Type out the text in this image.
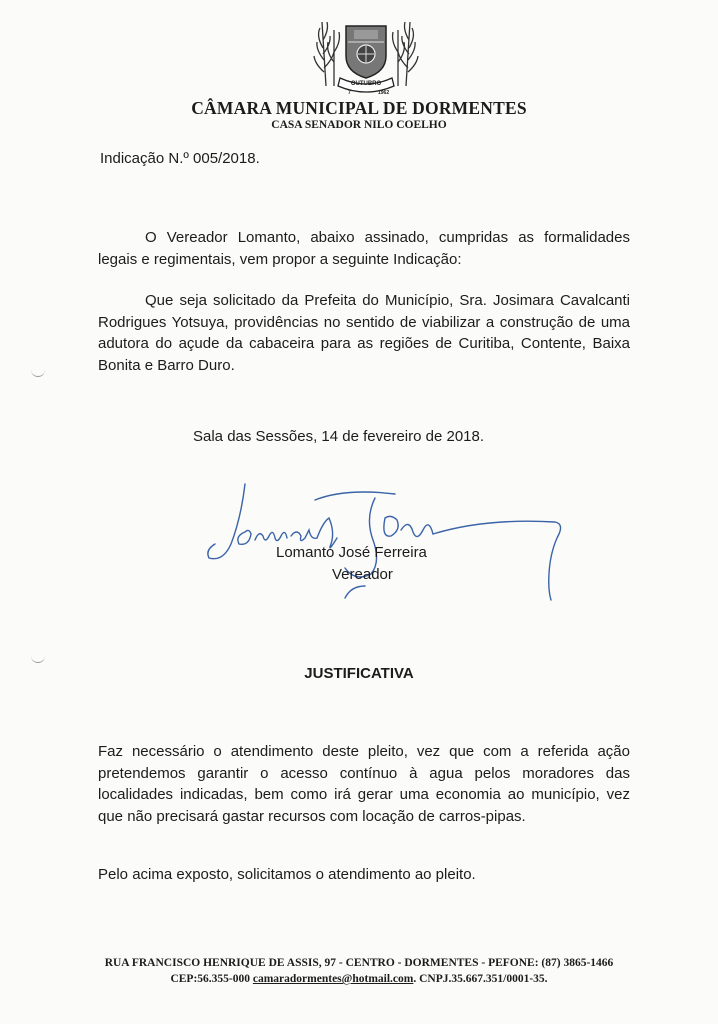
OUTUBRO
7	1962
CÂMARA MUNICIPAL DE DORMENTES
CASA SENADOR NILO COELHO
Indicação N.º 005/2018.
O Vereador Lomanto, abaixo assinado, cumpridas as formalidades legais e regimentais, vem propor a seguinte Indicação:
Que seja solicitado da Prefeita do Município, Sra. Josimara Cavalcanti Rodrigues Yotsuya, providências no sentido de viabilizar a construção de uma adutora do açude da cabaceira para as regiões de Curitiba, Contente, Baixa Bonita e Barro Duro.
Sala das Sessões, 14 de fevereiro de 2018.
Lomanto José Ferreira
Vereador
JUSTIFICATIVA
Faz necessário o atendimento deste pleito, vez que com a referida ação pretendemos garantir o acesso contínuo à agua pelos moradores das localidades indicadas, bem como irá gerar uma economia ao município, vez que não precisará gastar recursos com locação de carros-pipas.
Pelo acima exposto, solicitamos o atendimento ao pleito.
RUA FRANCISCO HENRIQUE DE ASSIS, 97 - CENTRO - DORMENTES - PEFONE: (87) 3865-1466
CEP:56.355-000 camaradormentes@hotmail.com. CNPJ.35.667.351/0001-35.
